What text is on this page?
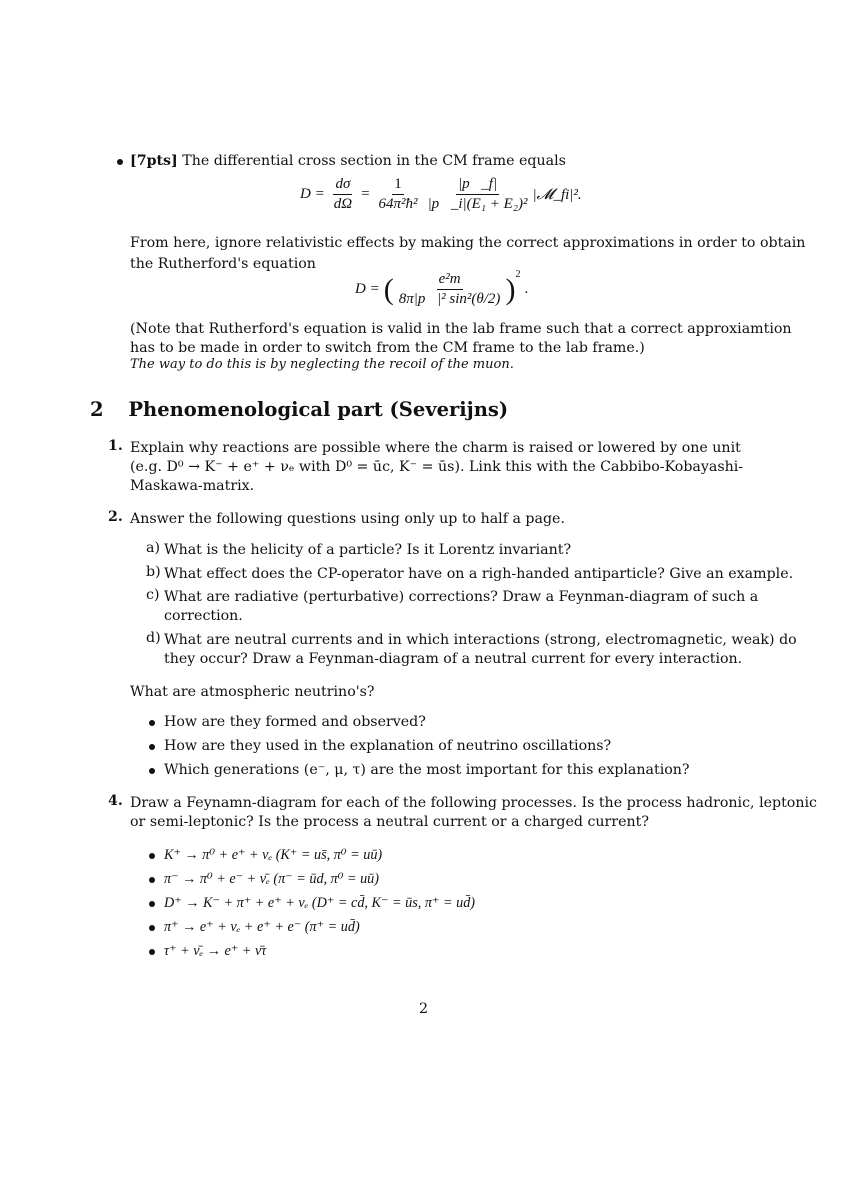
[7pts] The differential cross section in the CM frame equals
$D = \frac{d\sigma}{d\Omega} = \frac{1}{\text{64π²ħ²}} \frac{|p⃗\_f|}{\text{|p⃗\_i|(E₁ + E₂)²}}$ |𝓜_fi|².
From here, ignore relativistic effects by making the correct approximations in order to obtain
the Rutherford's equation
D = ( $\frac{\text{e²m}}{\text{8π|p⃗|² sin²(θ/2)}} )^2$
.
(Note that Rutherford's equation is valid in the lab frame such that a correct approxiamtion
has to be made in order to switch from the CM frame to the lab frame.)
The way to do this is by neglecting the recoil of the muon.
2 Phenomenological part (Severijns)
1. Explain why reactions are possible where the charm is raised or lowered by one unit
(e.g. D⁰ → K⁻ + e⁺ + νₑ with D⁰ = ūc, K⁻ = ūs). Link this with the Cabbibo-Kobayashi-
Maskawa-matrix.
2. Answer the following questions using only up to half a page.
a) What is the helicity of a particle? Is it Lorentz invariant?
b) What effect does the CP-operator have on a righ-handed antiparticle? Give an example.
c) What are radiative (perturbative) corrections? Draw a Feynman-diagram of such a
correction.
d) What are neutral currents and in which interactions (strong, electromagnetic, weak) do
they occur? Draw a Feynman-diagram of a neutral current for every interaction.
What are atmospheric neutrino's?
How are they formed and observed?
How are they used in the explanation of neutrino oscillations?
Which generations (e⁻, μ, τ) are the most important for this explanation?
4. Draw a Feynamn-diagram for each of the following processes. Is the process hadronic, leptonic
or semi-leptonic? Is the process a neutral current or a charged current?
K⁺ → π⁰ + e⁺ + νₑ (K⁺ = us̄, π⁰ = uū)
π⁻ → π⁰ + e⁻ + ν̄ₑ (π⁻ = ūd, π⁰ = uū)
D⁺ → K⁻ + π⁺ + e⁺ + νₑ (D⁺ = cd̄, K⁻ = ūs, π⁺ = ud̄)
π⁺ → e⁺ + νₑ + e⁺ + e⁻ (π⁺ = ud̄)
τ⁺ + ν̄ₑ → e⁺ + ν̄τ
2
